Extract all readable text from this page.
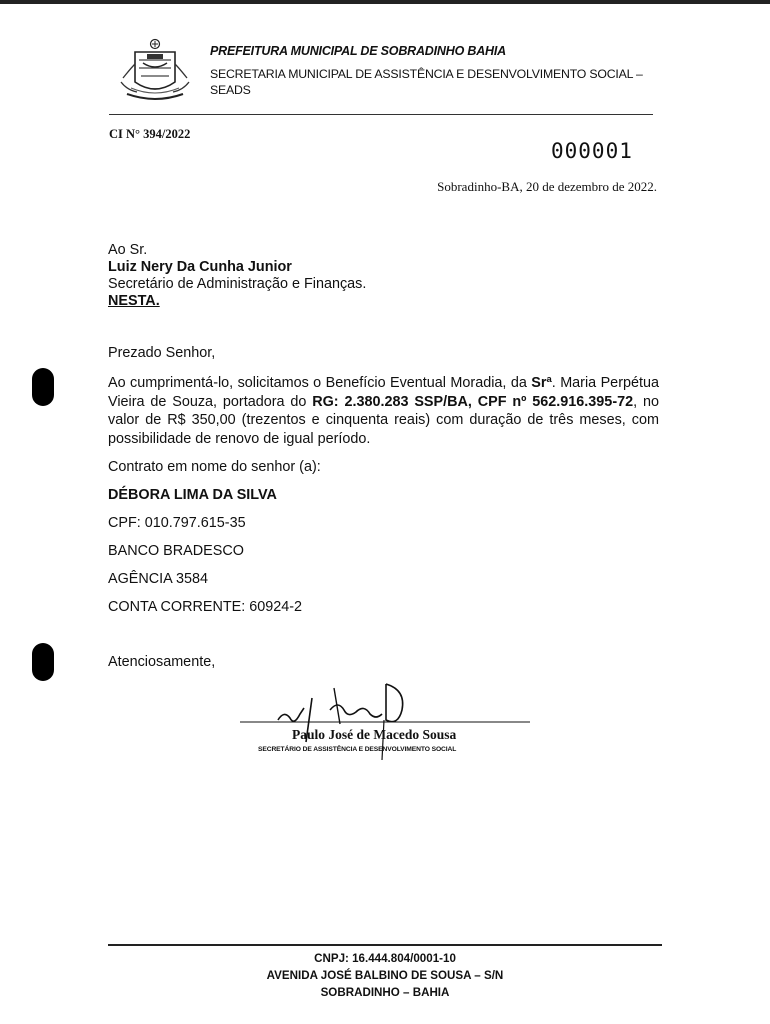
PREFEITURA MUNICIPAL DE SOBRADINHO BAHIA
SECRETARIA MUNICIPAL DE ASSISTÊNCIA E DESENVOLVIMENTO SOCIAL –
SEADS
CI N° 394/2022
000001
Sobradinho-BA, 20 de dezembro de 2022.
Ao Sr.
Luiz Nery Da Cunha Junior
Secretário de Administração e Finanças.
NESTA.
Prezado Senhor,
Ao cumprimentá-lo, solicitamos o Benefício Eventual Moradia, da Srª. Maria Perpétua Vieira de Souza, portadora do RG: 2.380.283 SSP/BA, CPF nº 562.916.395-72, no valor de R$ 350,00 (trezentos e cinquenta reais) com duração de três meses, com possibilidade de renovo de igual período.
Contrato em nome do senhor (a):
DÉBORA LIMA DA SILVA
CPF: 010.797.615-35
BANCO BRADESCO
AGÊNCIA 3584
CONTA CORRENTE: 60924-2
Atenciosamente,
Paulo José de Macedo Sousa
SECRETÁRIO DE ASSISTÊNCIA E DESENVOLVIMENTO SOCIAL
CNPJ: 16.444.804/0001-10
AVENIDA JOSÉ BALBINO DE SOUSA – S/N
SOBRADINHO – BAHIA
